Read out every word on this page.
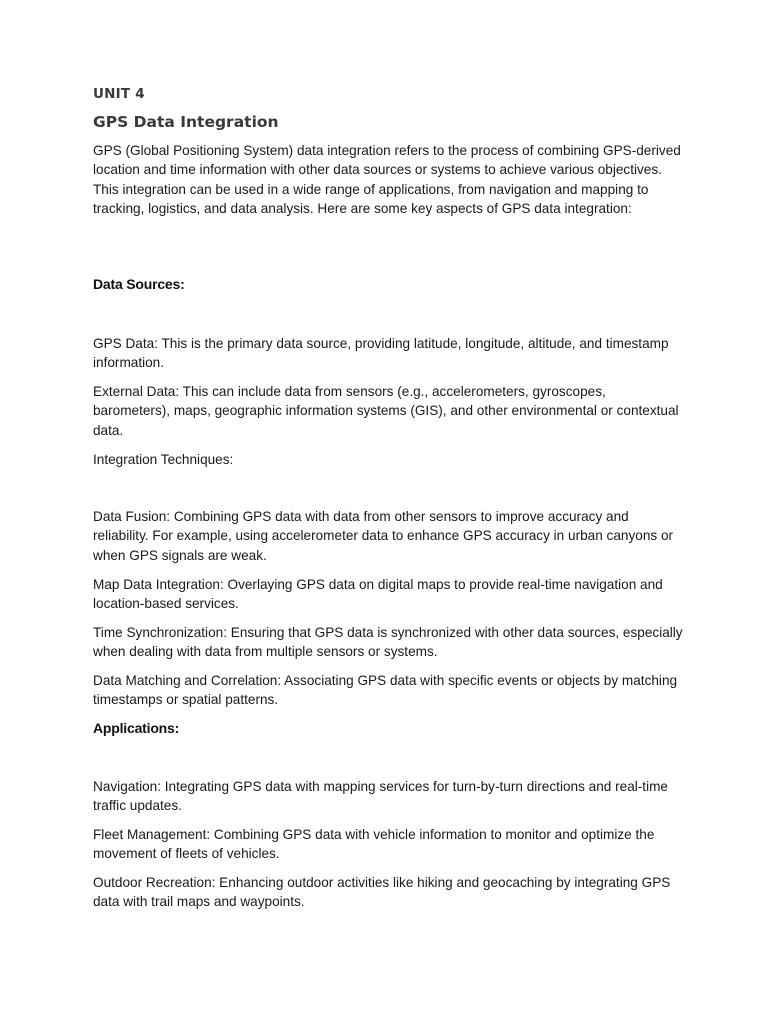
UNIT 4
GPS Data Integration

GPS (Global Positioning System) data integration refers to the process of combining GPS-derived location and time information with other data sources or systems to achieve various objectives. This integration can be used in a wide range of applications, from navigation and mapping to tracking, logistics, and data analysis. Here are some key aspects of GPS data integration:

Data Sources:

GPS Data: This is the primary data source, providing latitude, longitude, altitude, and timestamp information.

External Data: This can include data from sensors (e.g., accelerometers, gyroscopes, barometers), maps, geographic information systems (GIS), and other environmental or contextual data.

Integration Techniques:

Data Fusion: Combining GPS data with data from other sensors to improve accuracy and reliability. For example, using accelerometer data to enhance GPS accuracy in urban canyons or when GPS signals are weak.

Map Data Integration: Overlaying GPS data on digital maps to provide real-time navigation and location-based services.

Time Synchronization: Ensuring that GPS data is synchronized with other data sources, especially when dealing with data from multiple sensors or systems.

Data Matching and Correlation: Associating GPS data with specific events or objects by matching timestamps or spatial patterns.

Applications:

Navigation: Integrating GPS data with mapping services for turn-by-turn directions and real-time traffic updates.

Fleet Management: Combining GPS data with vehicle information to monitor and optimize the movement of fleets of vehicles.

Outdoor Recreation: Enhancing outdoor activities like hiking and geocaching by integrating GPS data with trail maps and waypoints.
